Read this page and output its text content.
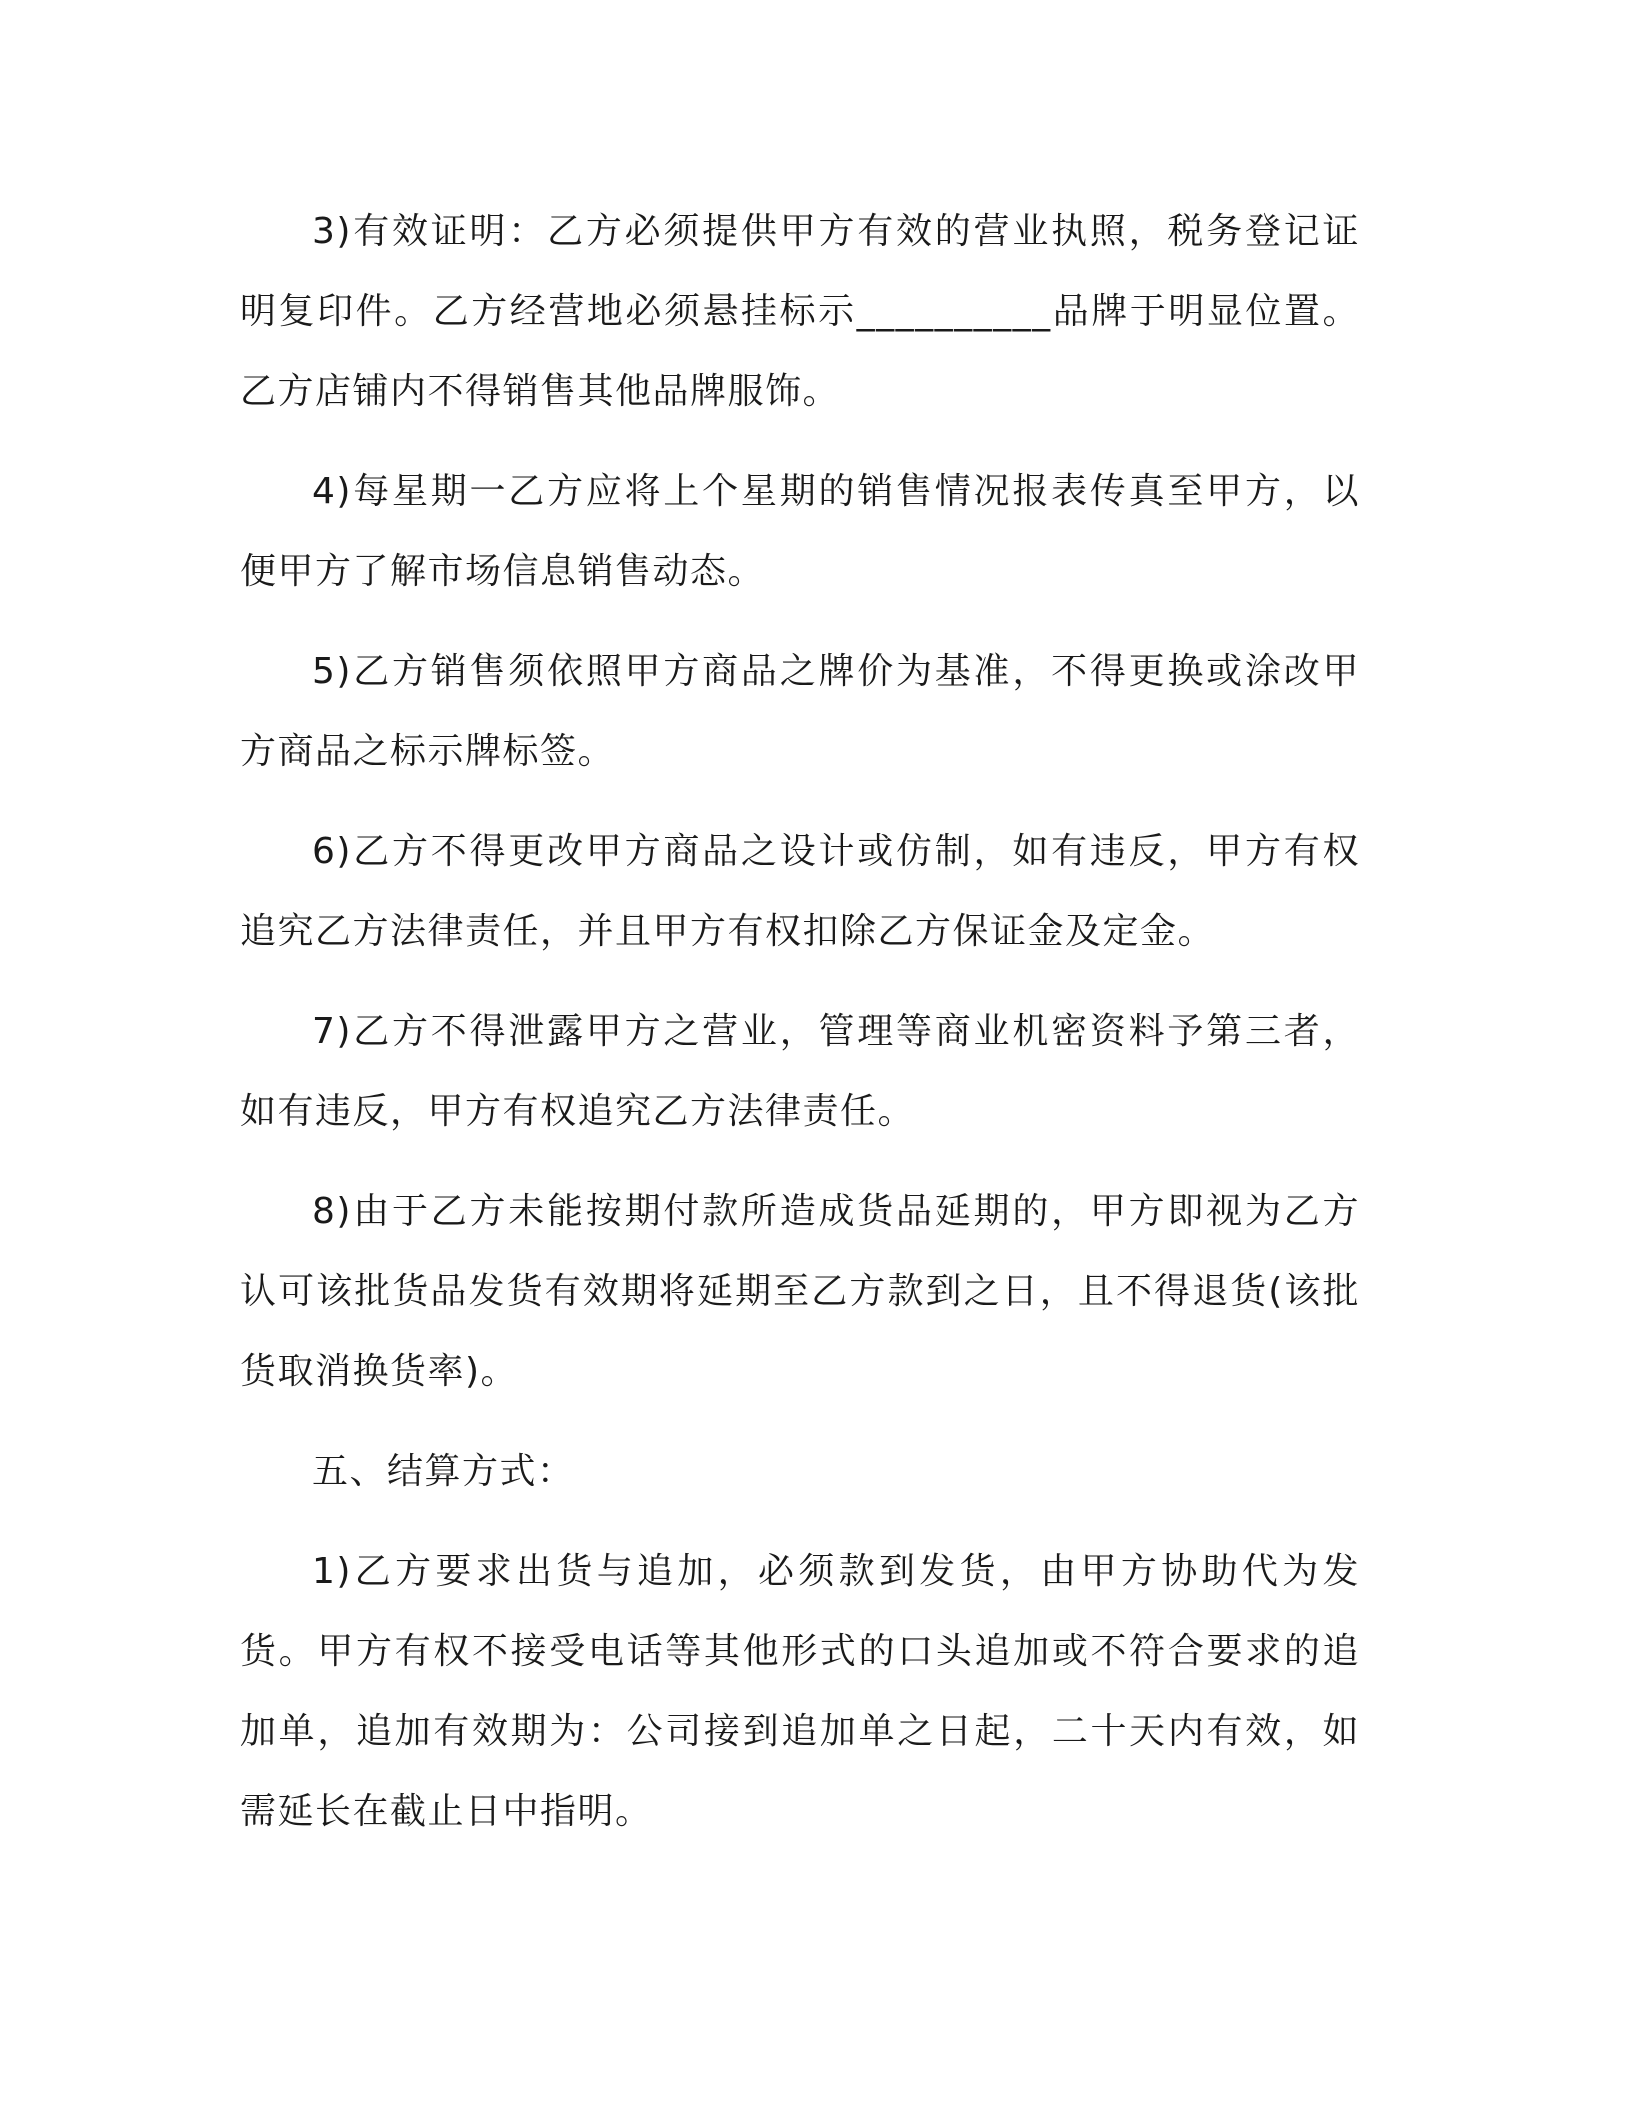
3)有效证明：乙方必须提供甲方有效的营业执照，税务登记证明复印件。乙方经营地必须悬挂标示__________品牌于明显位置。乙方店铺内不得销售其他品牌服饰。

4)每星期一乙方应将上个星期的销售情况报表传真至甲方，以便甲方了解市场信息销售动态。

5)乙方销售须依照甲方商品之牌价为基准，不得更换或涂改甲方商品之标示牌标签。

6)乙方不得更改甲方商品之设计或仿制，如有违反，甲方有权追究乙方法律责任，并且甲方有权扣除乙方保证金及定金。

7)乙方不得泄露甲方之营业，管理等商业机密资料予第三者，如有违反，甲方有权追究乙方法律责任。

8)由于乙方未能按期付款所造成货品延期的，甲方即视为乙方认可该批货品发货有效期将延期至乙方款到之日，且不得退货(该批货取消换货率)。

五、结算方式：

1)乙方要求出货与追加，必须款到发货，由甲方协助代为发货。甲方有权不接受电话等其他形式的口头追加或不符合要求的追加单，追加有效期为：公司接到追加单之日起，二十天内有效，如需延长在截止日中指明。
